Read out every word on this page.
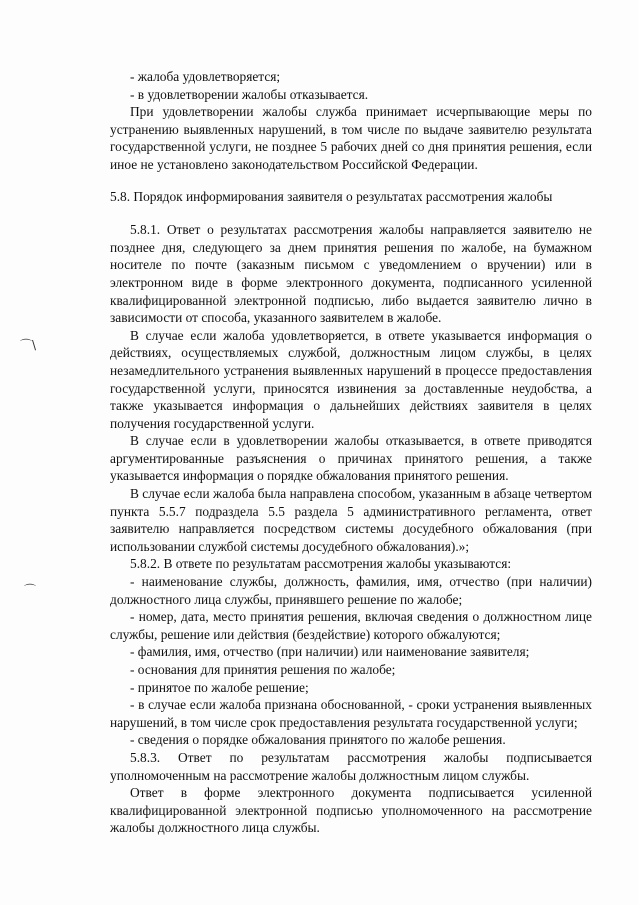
⌒\
⌒

- жалоба удовлетворяется;

- в удовлетворении жалобы отказывается.

При удовлетворении жалобы служба принимает исчерпывающие меры по устранению выявленных нарушений, в том числе по выдаче заявителю результата государственной услуги, не позднее 5 рабочих дней со дня принятия решения, если иное не установлено законодательством Российской Федерации.

5.8. Порядок информирования заявителя о результатах рассмотрения жалобы

5.8.1. Ответ о результатах рассмотрения жалобы направляется заявителю не позднее дня, следующего за днем принятия решения по жалобе, на бумажном носителе по почте (заказным письмом с уведомлением о вручении) или в электронном виде в форме электронного документа, подписанного усиленной квалифицированной электронной подписью, либо выдается заявителю лично в зависимости от способа, указанного заявителем в жалобе.

В случае если жалоба удовлетворяется, в ответе указывается информация о действиях, осуществляемых службой, должностным лицом службы, в целях незамедлительного устранения выявленных нарушений в процессе предоставления государственной услуги, приносятся извинения за доставленные неудобства, а также указывается информация о дальнейших действиях заявителя в целях получения государственной услуги.

В случае если в удовлетворении жалобы отказывается, в ответе приводятся аргументированные разъяснения о причинах принятого решения, а также указывается информация о порядке обжалования принятого решения.

В случае если жалоба была направлена способом, указанным в абзаце четвертом пункта 5.5.7 подраздела 5.5 раздела 5 административного регламента, ответ заявителю направляется посредством системы досудебного обжалования (при использовании службой системы досудебного обжалования).»;

5.8.2. В ответе по результатам рассмотрения жалобы указываются:

- наименование службы, должность, фамилия, имя, отчество (при наличии) должностного лица службы, принявшего решение по жалобе;

- номер, дата, место принятия решения, включая сведения о должностном лице службы, решение или действия (бездействие) которого обжалуются;

- фамилия, имя, отчество (при наличии) или наименование заявителя;

- основания для принятия решения по жалобе;

- принятое по жалобе решение;

- в случае если жалоба признана обоснованной, - сроки устранения выявленных нарушений, в том числе срок предоставления результата государственной услуги;

- сведения о порядке обжалования принятого по жалобе решения.

5.8.3. Ответ по результатам рассмотрения жалобы подписывается уполномоченным на рассмотрение жалобы должностным лицом службы.

Ответ в форме электронного документа подписывается усиленной квалифицированной электронной подписью уполномоченного на рассмотрение жалобы должностного лица службы.
